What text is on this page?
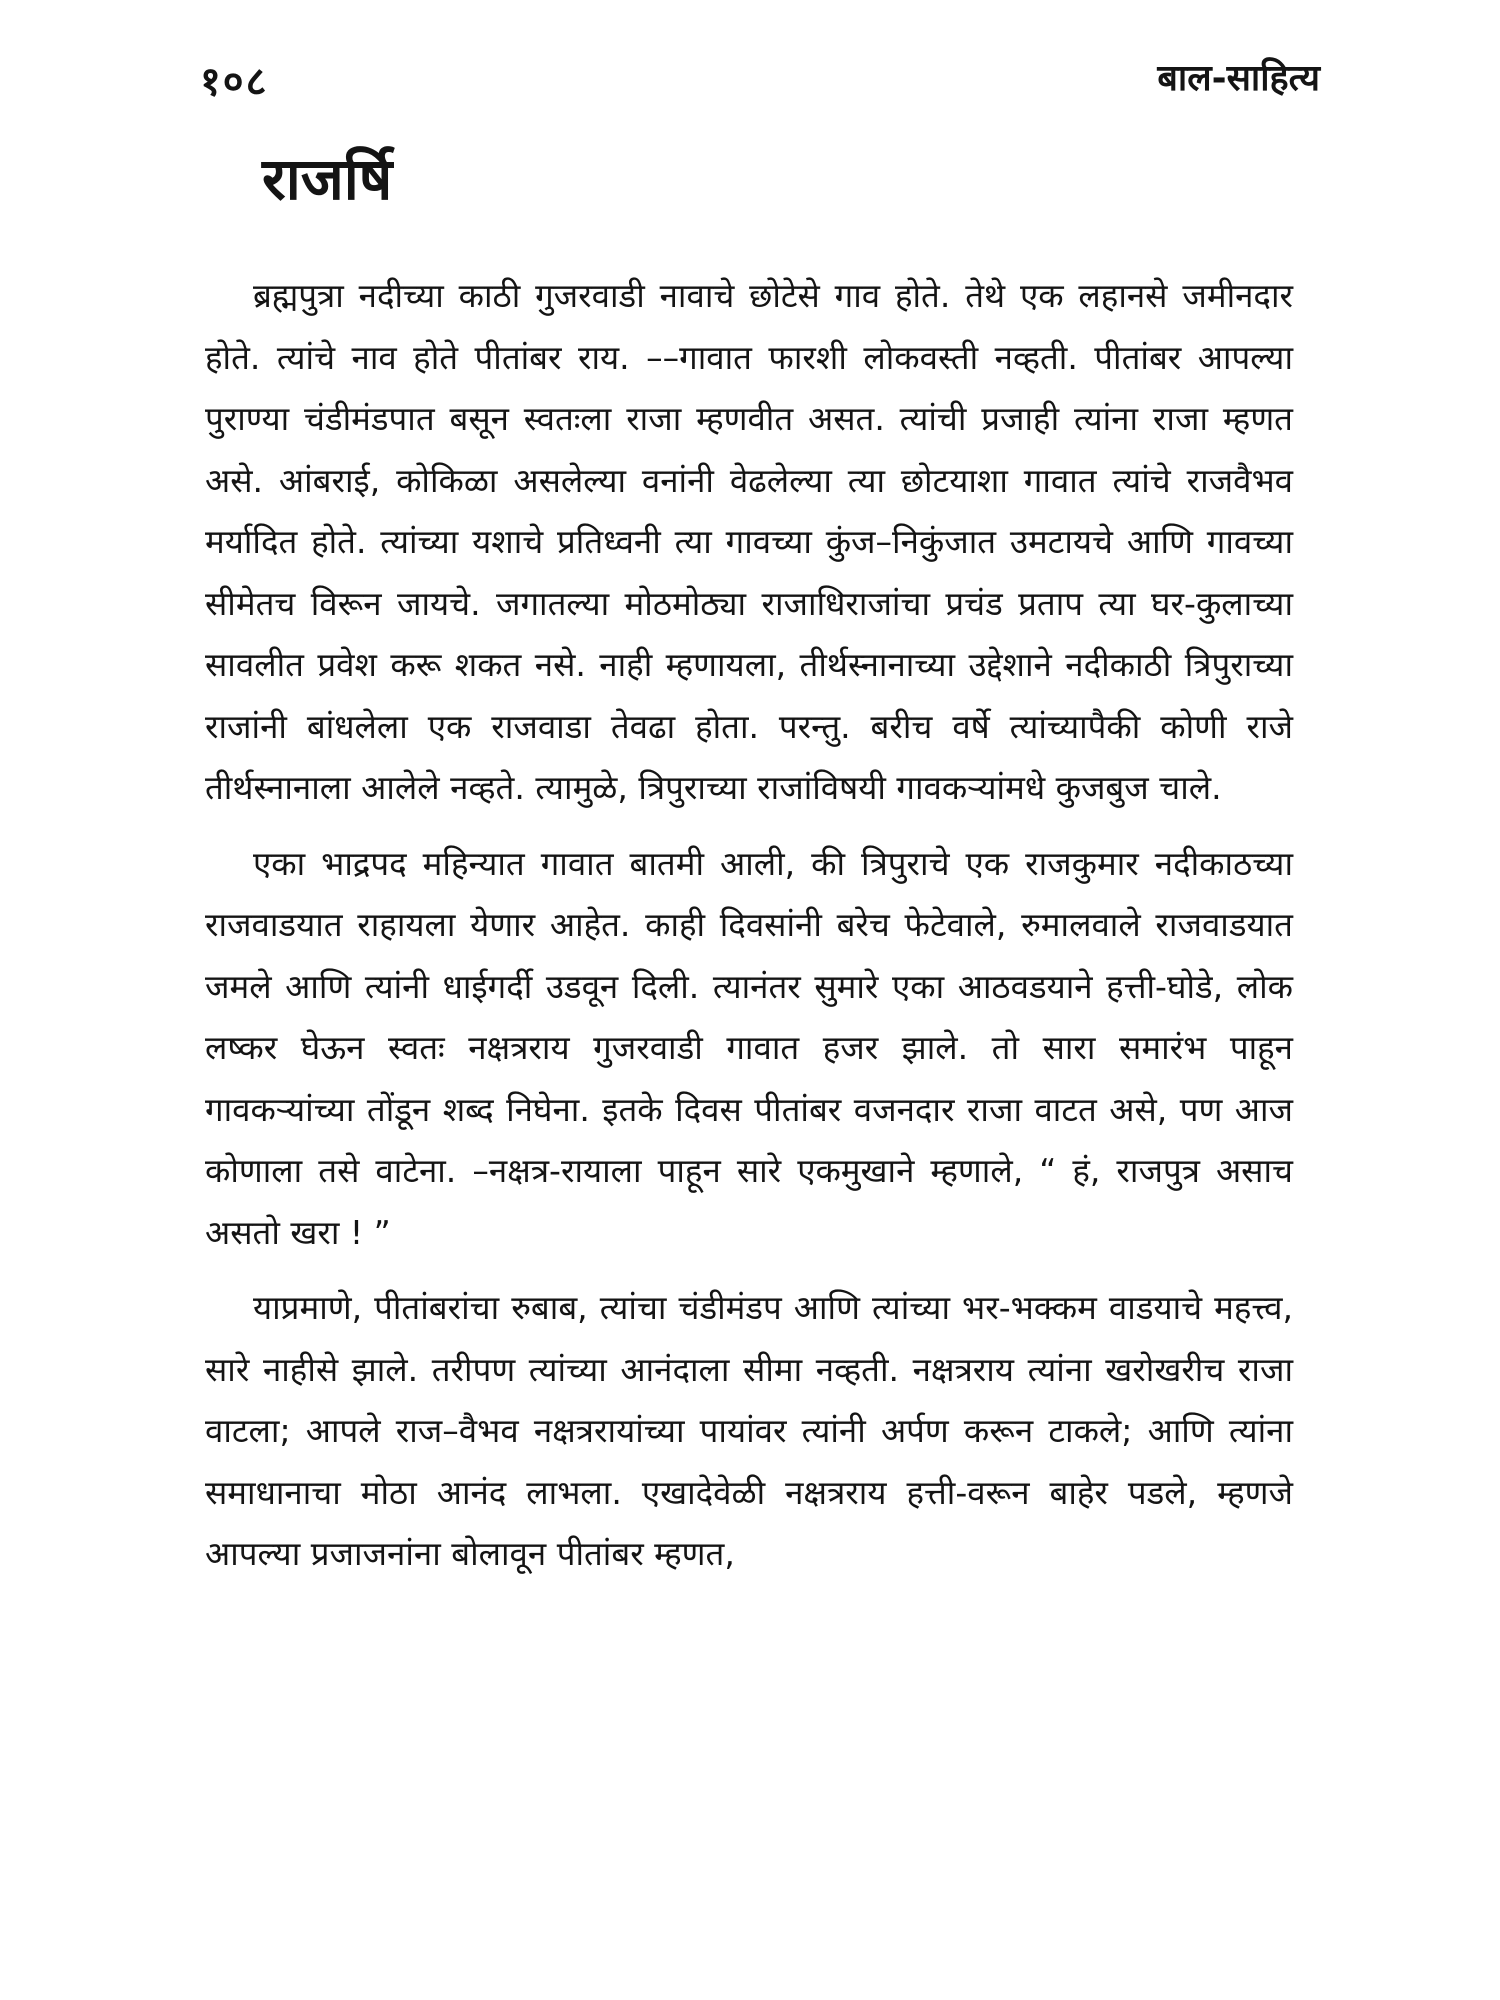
१०८	बाल-साहित्य
राजर्षि

ब्रह्मपुत्रा नदीच्या काठी गुजरवाडी नावाचे छोटेसे गाव होते. तेथे एक लहानसे जमीनदार होते. त्यांचे नाव होते पीतांबर राय. ––गावात फारशी लोकवस्ती नव्हती. पीतांबर आपल्या पुराण्या चंडीमंडपात बसून स्वतःला राजा म्हणवीत असत. त्यांची प्रजाही त्यांना राजा म्हणत असे. आंबराई, कोकिळा असलेल्या वनांनी वेढलेल्या त्या छोटयाशा गावात त्यांचे राजवैभव मर्यादित होते. त्यांच्या यशाचे प्रतिध्वनी त्या गावच्या कुंज–निकुंजात उमटायचे आणि गावच्या सीमेतच विरून जायचे. जगातल्या मोठमोठ्या राजाधिराजांचा प्रचंड प्रताप त्या घर-कुलाच्या सावलीत प्रवेश करू शकत नसे. नाही म्हणायला, तीर्थस्नानाच्या उद्देशाने नदीकाठी त्रिपुराच्या राजांनी बांधलेला एक राजवाडा तेवढा होता. परन्तु. बरीच वर्षे त्यांच्यापैकी कोणी राजे तीर्थस्नानाला आलेले नव्हते. त्यामुळे, त्रिपुराच्या राजांविषयी गावकऱ्यांमधे कुजबुज चाले.

एका भाद्रपद महिन्यात गावात बातमी आली, की त्रिपुराचे एक राजकुमार नदीकाठच्या राजवाडयात राहायला येणार आहेत. काही दिवसांनी बरेच फेटेवाले, रुमालवाले राजवाडयात जमले आणि त्यांनी धाईगर्दी उडवून दिली. त्यानंतर सुमारे एका आठवडयाने हत्ती-घोडे, लोक लष्कर घेऊन स्वतः नक्षत्रराय गुजरवाडी गावात हजर झाले. तो सारा समारंभ पाहून गावकऱ्यांच्या तोंडून शब्द निघेना. इतके दिवस पीतांबर वजनदार राजा वाटत असे, पण आज कोणाला तसे वाटेना. –नक्षत्र-रायाला पाहून सारे एकमुखाने म्हणाले, “ हं, राजपुत्र असाच असतो खरा ! ”

याप्रमाणे, पीतांबरांचा रुबाब, त्यांचा चंडीमंडप आणि त्यांच्या भर-भक्कम वाडयाचे महत्त्व, सारे नाहीसे झाले. तरीपण त्यांच्या आनंदाला सीमा नव्हती. नक्षत्रराय त्यांना खरोखरीच राजा वाटला; आपले राज–वैभव नक्षत्ररायांच्या पायांवर त्यांनी अर्पण करून टाकले; आणि त्यांना समाधानाचा मोठा आनंद लाभला. एखादेवेळी नक्षत्रराय हत्ती-वरून बाहेर पडले, म्हणजे आपल्या प्रजाजनांना बोलावून पीतांबर म्हणत,
